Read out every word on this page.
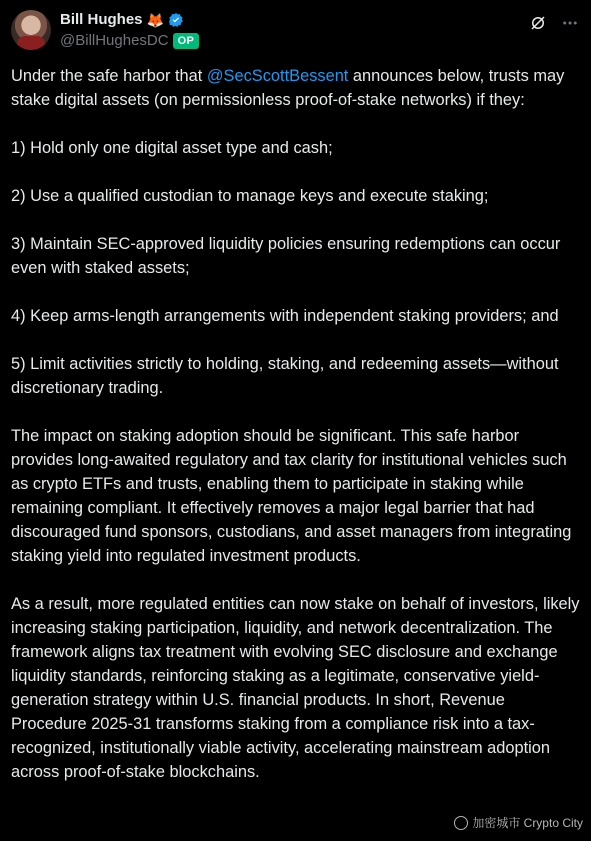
Bill Hughes 🦊
@BillHughesDC OP

Under the safe harbor that @SecScottBessent announces below, trusts may stake digital assets (on permissionless proof-of-stake networks) if they:

1) Hold only one digital asset type and cash;

2) Use a qualified custodian to manage keys and execute staking;

3) Maintain SEC-approved liquidity policies ensuring redemptions can occur even with staked assets;

4) Keep arms-length arrangements with independent staking providers; and

5) Limit activities strictly to holding, staking, and redeeming assets—without discretionary trading.

The impact on staking adoption should be significant. This safe harbor provides long-awaited regulatory and tax clarity for institutional vehicles such as crypto ETFs and trusts, enabling them to participate in staking while remaining compliant. It effectively removes a major legal barrier that had discouraged fund sponsors, custodians, and asset managers from integrating staking yield into regulated investment products.

As a result, more regulated entities can now stake on behalf of investors, likely increasing staking participation, liquidity, and network decentralization. The framework aligns tax treatment with evolving SEC disclosure and exchange liquidity standards, reinforcing staking as a legitimate, conservative yield-generation strategy within U.S. financial products. In short, Revenue Procedure 2025-31 transforms staking from a compliance risk into a tax-recognized, institutionally viable activity, accelerating mainstream adoption across proof-of-stake blockchains.

加密城市 Crypto City
